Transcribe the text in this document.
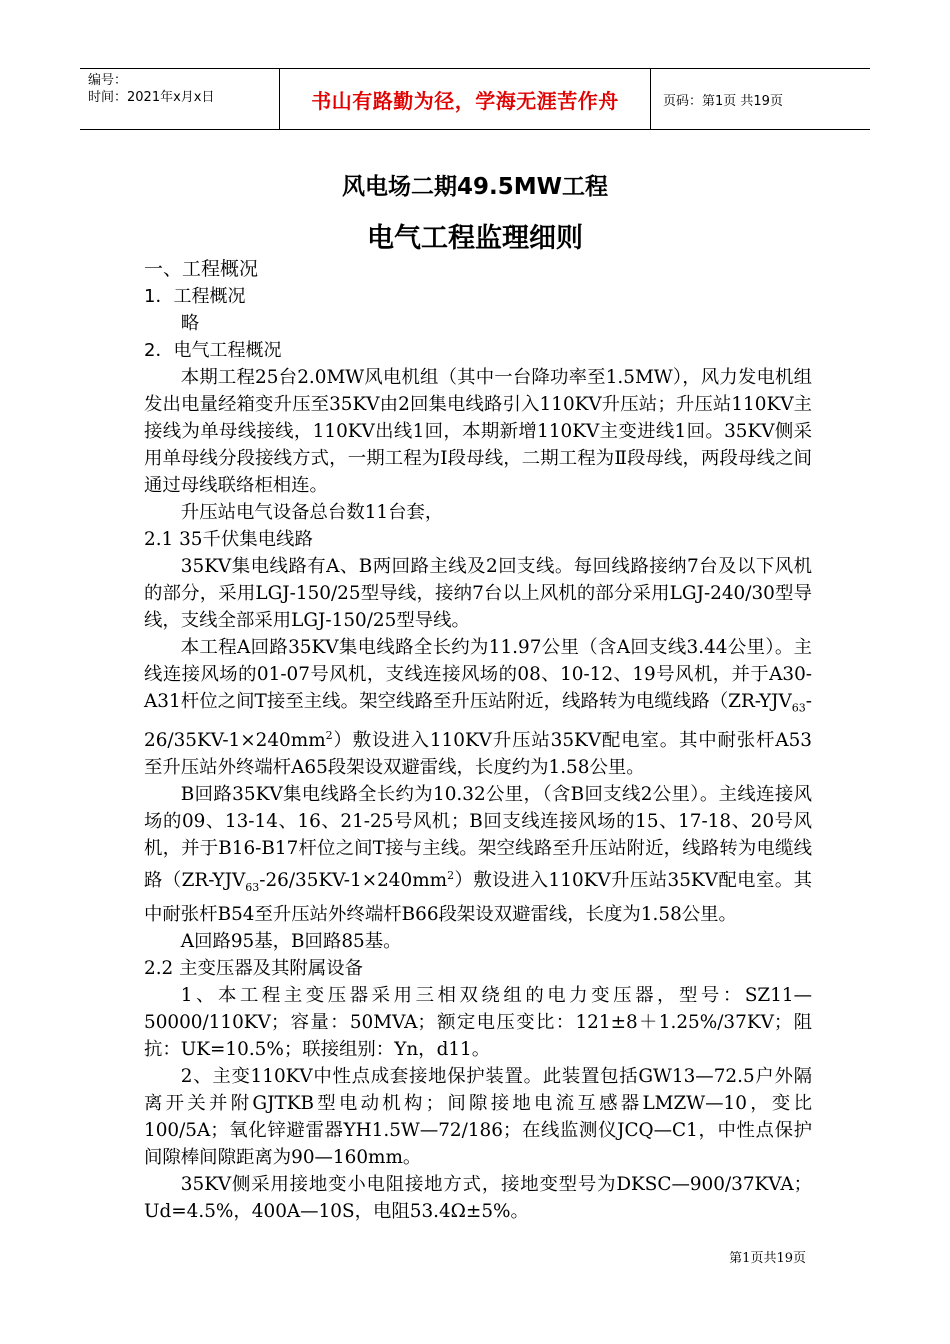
编号：
时间：2021年x月x日	书山有路勤为径，学海无涯苦作舟	页码：第1页 共19页
风电场二期49.5MW工程
电气工程监理细则

一、工程概况

1．工程概况

略

2．电气工程概况

本期工程25台2.0MW风电机组（其中一台降功率至1.5MW），风力发电机组发出电量经箱变升压至35KV由2回集电线路引入110KV升压站；升压站110KV主接线为单母线接线，110KV出线1回，本期新增110KV主变进线1回。35KV侧采用单母线分段接线方式，一期工程为Ⅰ段母线，二期工程为Ⅱ段母线，两段母线之间通过母线联络柜相连。

升压站电气设备总台数11台套，

2.1 35千伏集电线路

35KV集电线路有A、B两回路主线及2回支线。每回线路接纳7台及以下风机的部分，采用LGJ-150/25型导线，接纳7台以上风机的部分采用LGJ-240/30型导线，支线全部采用LGJ-150/25型导线。

本工程A回路35KV集电线路全长约为11.97公里（含A回支线3.44公里）。主线连接风场的01-07号风机，支线连接风场的08、10-12、19号风机，并于A30-A31杆位之间T接至主线。架空线路至升压站附近，线路转为电缆线路$(ZR-YJV_{63}-26/35KV-1\times 240mm^2)$敷设进入110KV升压站35KV配电室。其中耐张杆A53至升压站外终端杆A65段架设双避雷线，长度约为1.58公里。

B回路35KV集电线路全长约为10.32公里，（含B回支线2公里）。主线连接风场的09、13-14、16、21-25号风机；B回支线连接风场的15、17-18、20号风机，并于B16-B17杆位之间T接与主线。架空线路至升压站附近，线路转为电缆线路$(ZR-YJV_{63}-26/35KV-1\times 240mm^2)$敷设进入110KV升压站35KV配电室。其中耐张杆B54至升压站外终端杆B66段架设双避雷线，长度为1.58公里。

A回路95基，B回路85基。

2.2 主变压器及其附属设备

1、本工程主变压器采用三相双绕组的电力变压器，型号：SZ11—50000/110KV；容量：50MVA；额定电压变比：121±8＋1.25%/37KV；阻抗：UK=10.5%；联接组别：Yn，d11。

2、主变110KV中性点成套接地保护装置。此装置包括GW13—72.5户外隔离开关并附GJTKB型电动机构；间隙接地电流互感器LMZW—10，变比100/5A；氧化锌避雷器YH1.5W—72/186；在线监测仪JCQ—C1，中性点保护间隙棒间隙距离为90—160mm。

35KV侧采用接地变小电阻接地方式，接地变型号为DKSC—900/37KVA；Ud=4.5%，400A—10S，电阻53.4Ω±5%。

第1页共19页
